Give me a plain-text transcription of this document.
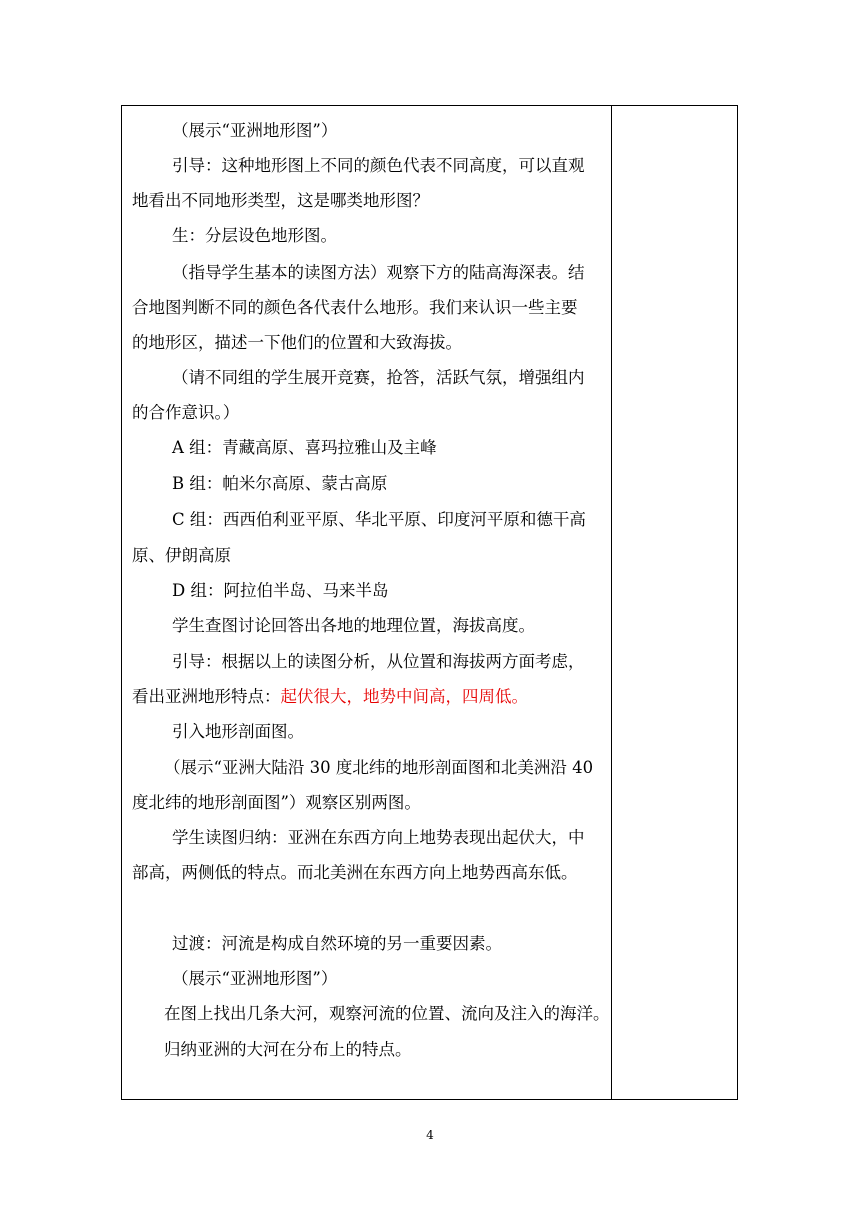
（展示“亚洲地形图”）
引导：这种地形图上不同的颜色代表不同高度，可以直观
地看出不同地形类型，这是哪类地形图？
生：分层设色地形图。
（指导学生基本的读图方法）观察下方的陆高海深表。结
合地图判断不同的颜色各代表什么地形。我们来认识一些主要
的地形区，描述一下他们的位置和大致海拔。
（请不同组的学生展开竞赛，抢答，活跃气氛，增强组内
的合作意识。）
A 组：青藏高原、喜玛拉雅山及主峰
B 组：帕米尔高原、蒙古高原
C 组：西西伯利亚平原、华北平原、印度河平原和德干高
原、伊朗高原
D 组：阿拉伯半岛、马来半岛
学生查图讨论回答出各地的地理位置，海拔高度。
引导：根据以上的读图分析，从位置和海拔两方面考虑，
看出亚洲地形特点：起伏很大，地势中间高，四周低。
引入地形剖面图。
（展示“亚洲大陆沿 30 度北纬的地形剖面图和北美洲沿 40
度北纬的地形剖面图”）观察区别两图。
学生读图归纳：亚洲在东西方向上地势表现出起伏大，中
部高，两侧低的特点。而北美洲在东西方向上地势西高东低。
过渡：河流是构成自然环境的另一重要因素。
（展示“亚洲地形图”）
在图上找出几条大河，观察河流的位置、流向及注入的海洋。
归纳亚洲的大河在分布上的特点。
4
